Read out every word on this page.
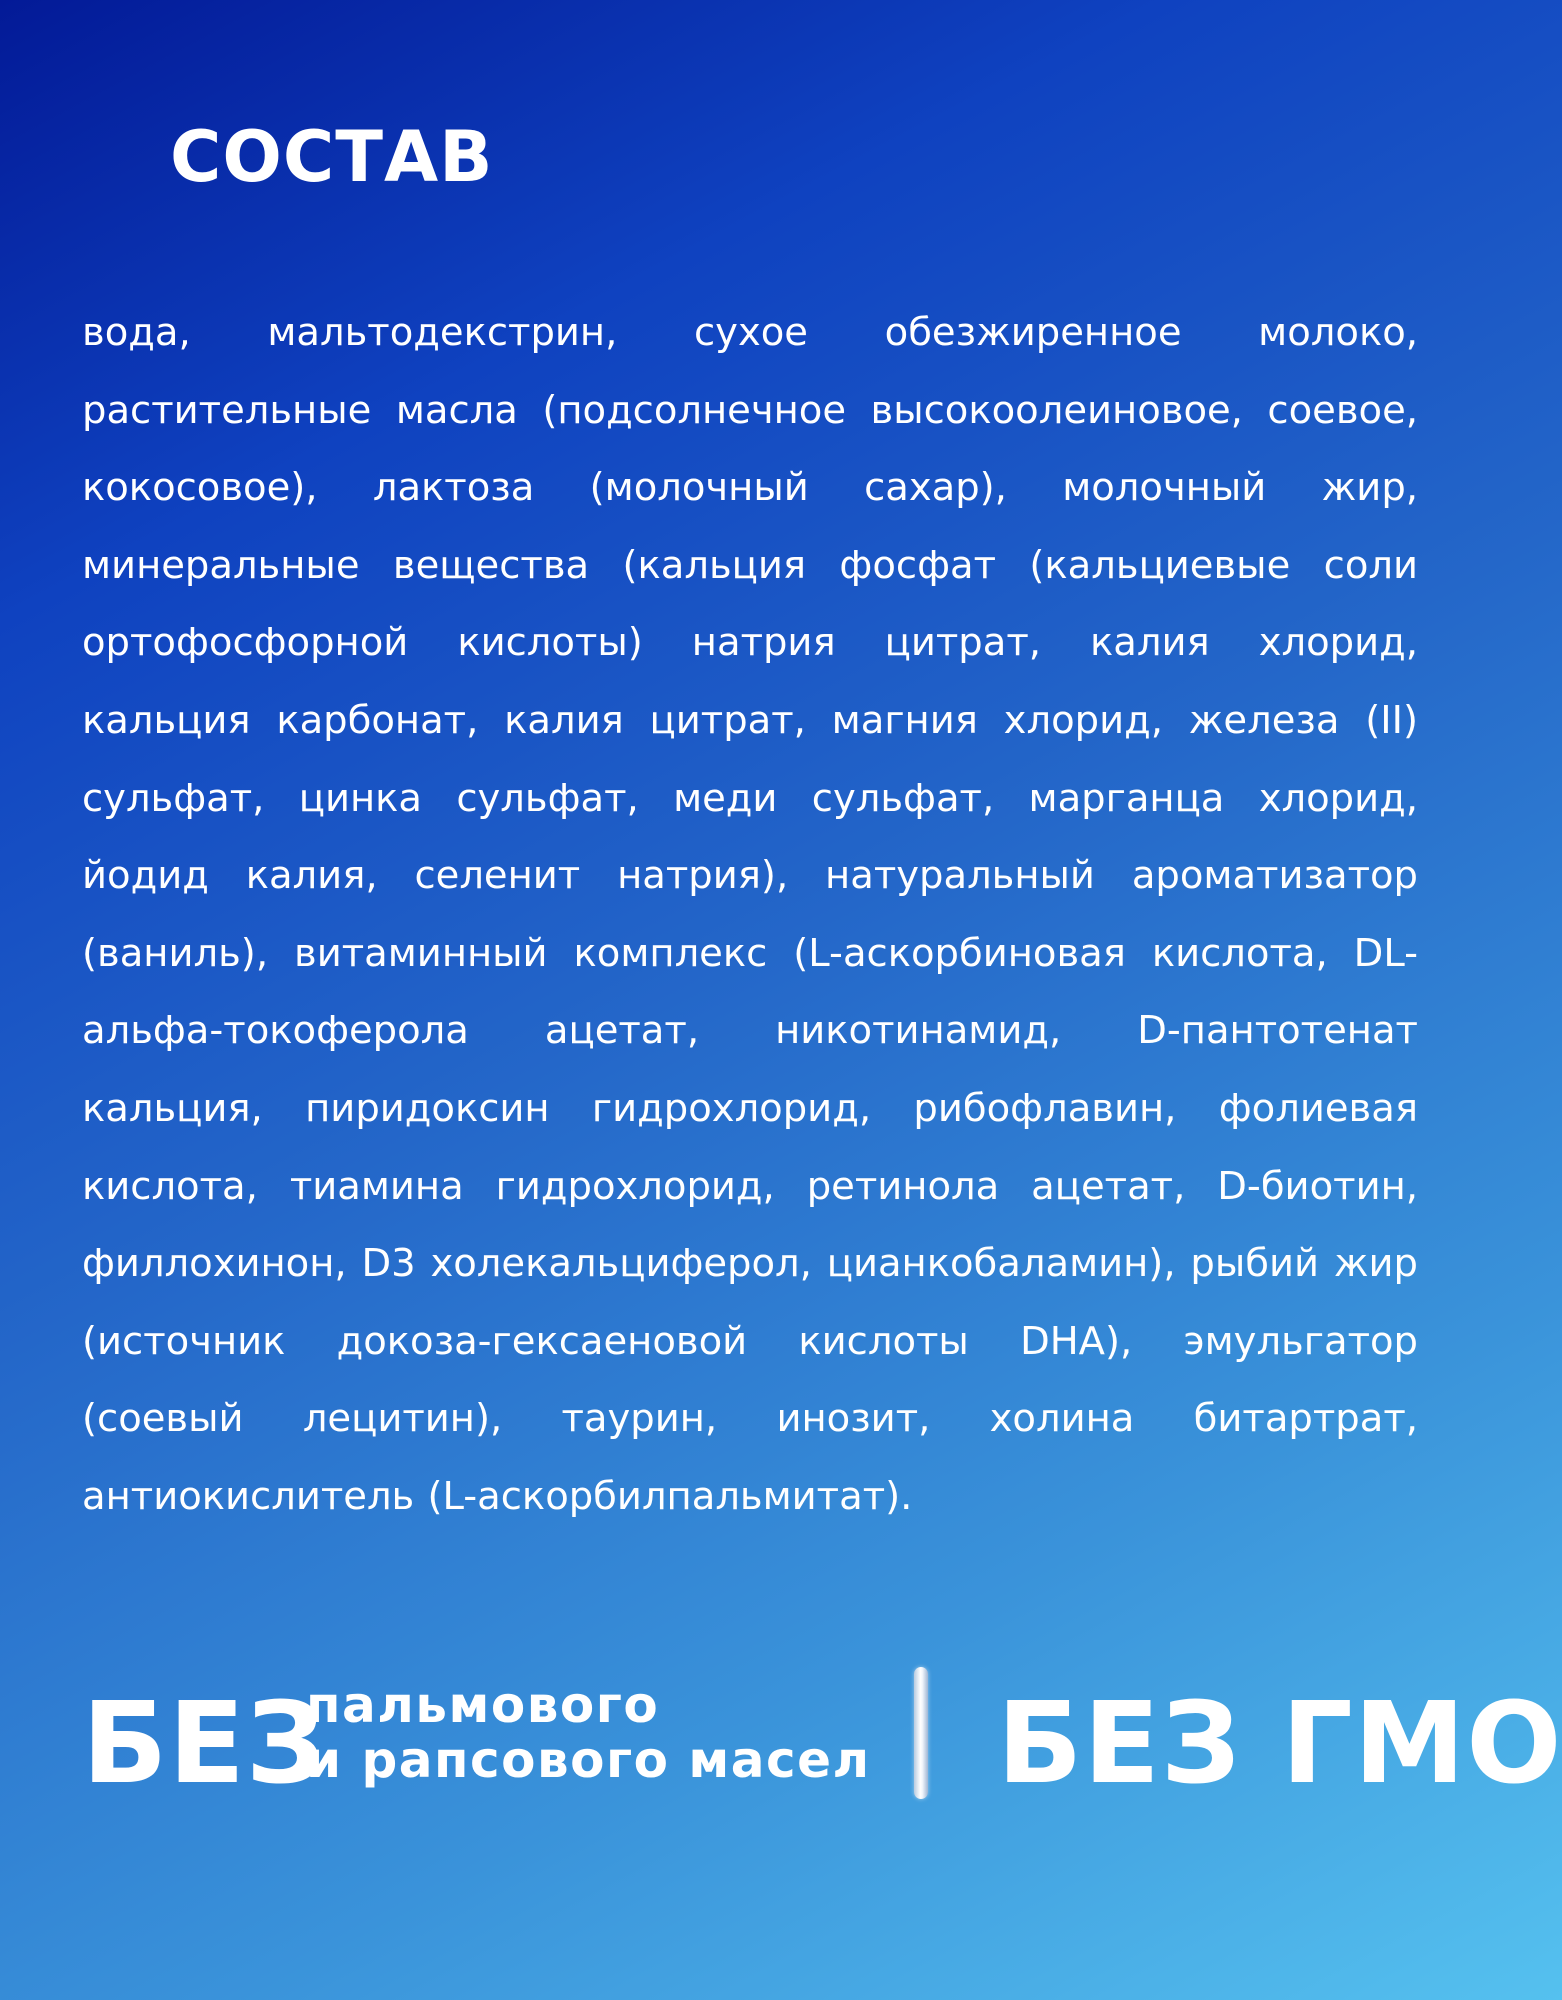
СОСТАВ

вода, мальтодекстрин, сухое обезжиренное молоко, растительные масла (подсолнечное высокоолеиновое, соевое, кокосовое), лактоза (молочный сахар), молочный жир, минеральные вещества (кальция фосфат (кальциевые соли ортофосфорной кислоты) натрия цитрат, калия хлорид, кальция карбонат, калия цитрат, магния хлорид, железа (II) сульфат, цинка сульфат, меди сульфат, марганца хлорид, йодид калия, селенит натрия), натуральный ароматизатор (ваниль), витаминный комплекс (L-аскорбиновая кислота, DL-альфа-токоферола ацетат, никотинамид, D-пантотенат кальция, пиридоксин гидрохлорид, рибофлавин, фолиевая кислота, тиамина гидрохлорид, ретинола ацетат, D-биотин, филлохинон, D3 холекальциферол, цианкобаламин), рыбий жир (источник докоза-гексаеновой кислоты DHA), эмульгатор (соевый лецитин), таурин, инозит, холина битартрат, антиокислитель (L-аскорбилпальмитат).

БЕЗ
пальмового
и рапсового масел БЕЗ ГМО
